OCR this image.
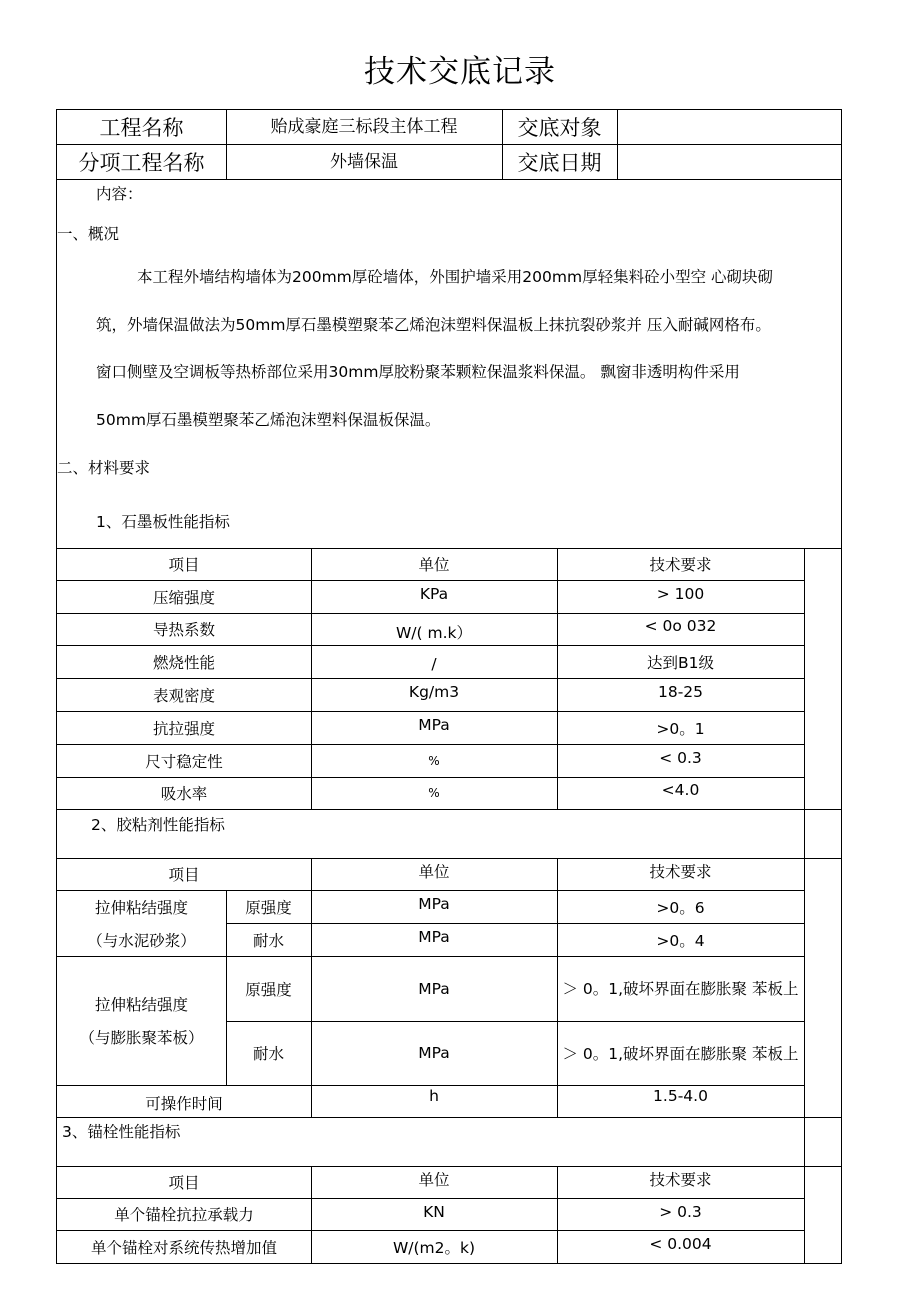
技术交底记录
工程名称	贻成豪庭三标段主体工程	交底对象
分项工程名称	外墙保温	交底日期
内容：
一、概况
本工程外墙结构墙体为200mm厚砼墙体，外围护墙采用200mm厚轻集料砼小型空 心砌块砌
筑，外墙保温做法为50mm厚石墨模塑聚苯乙烯泡沫塑料保温板上抹抗裂砂浆并 压入耐碱网格布。
窗口侧壁及空调板等热桥部位采用30mm厚胶粉聚苯颗粒保温浆料保温。 飘窗非透明构件采用
50mm厚石墨模塑聚苯乙烯泡沫塑料保温板保温。
二、材料要求
1、石墨板性能指标
项目	单位	技术要求
压缩强度	KPa	> 100
导热系数	W/( m.k）	< 0o 032
燃烧性能	/	达到B1级
表观密度	Kg/m3	18-25
抗拉强度	MPa	>0。1
尺寸稳定性	%	< 0.3
吸水率	%	<4.0
2、胶粘剂性能指标
项目	单位	技术要求
拉伸粘结强度
（与水泥砂浆）
原强度	MPa	>0。6
耐水	MPa	>0。4
拉伸粘结强度
（与膨胀聚苯板）
原强度	MPa	＞ 0。1,破坏界面在膨胀聚 苯板上
耐水	MPa	＞ 0。1,破坏界面在膨胀聚 苯板上
可操作时间	h	1.5-4.0
3、锚栓性能指标
项目	单位	技术要求
单个锚栓抗拉承载力	KN	> 0.3
单个锚栓对系统传热增加值	W/(m2。k)	< 0.004
